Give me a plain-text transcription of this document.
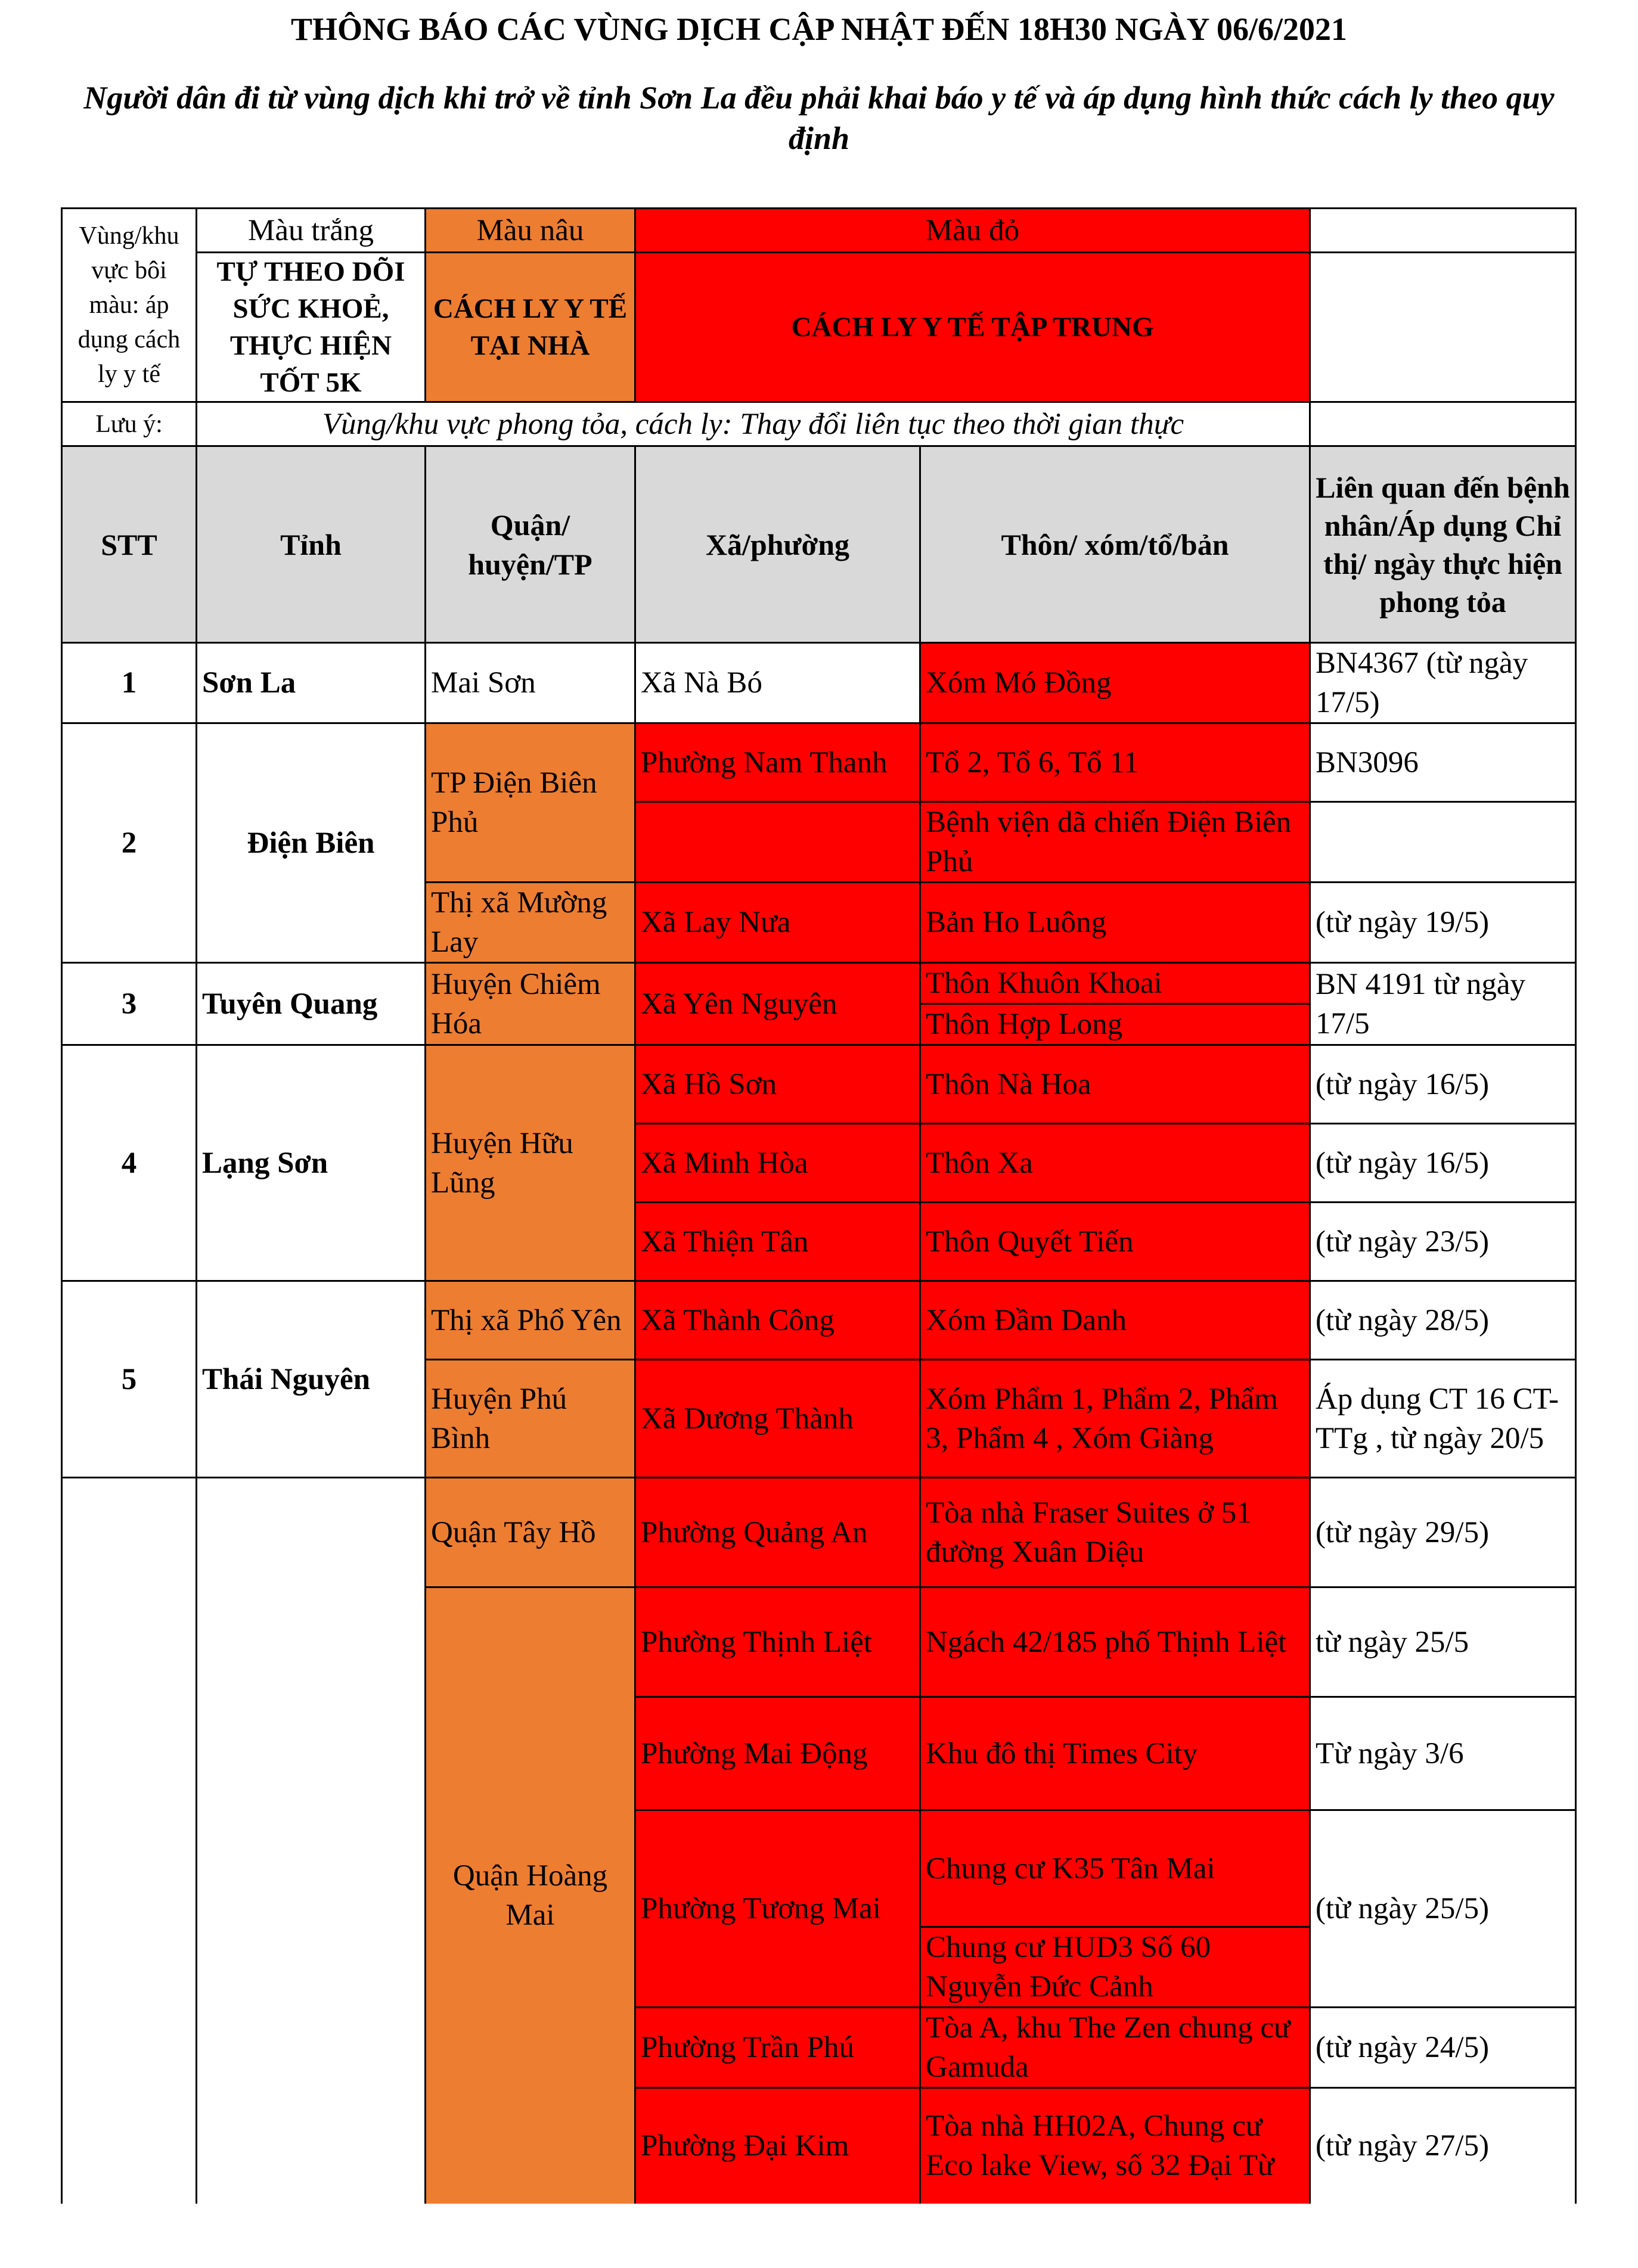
THÔNG BÁO CÁC VÙNG DỊCH CẬP NHẬT ĐẾN 18H30 NGÀY 06/6/2021
Người dân đi từ vùng dịch khi trở về tỉnh Sơn La đều phải khai báo y tế và áp dụng hình thức cách ly theo quy định
Vùng/khu vực bôi màu: áp dụng cách ly y tế	Màu trắng	Màu nâu	Màu đỏ		
	TỰ THEO DÕI SỨC KHOẺ, THỰC HIỆN TỐT 5K	CÁCH LY Y TẾ TẠI NHÀ	CÁCH LY Y TẾ TẬP TRUNG		
Lưu ý:	Vùng/khu vực phong tỏa, cách ly: Thay đổi liên tục theo thời gian thực				
STT	Tỉnh	Quận/ huyện/TP	Xã/phường	Thôn/ xóm/tổ/bản	Liên quan đến bệnh nhân/Áp dụng Chỉ thị/ ngày thực hiện phong tỏa
1	Sơn La	Mai Sơn	Xã Nà Bó	Xóm Mó Đồng	BN4367 (từ ngày 17/5)
2	Điện Biên	TP Điện Biên Phủ	Phường Nam Thanh	Tổ 2, Tổ 6, Tổ 11	BN3096
				Bệnh viện dã chiến Điện Biên Phủ	
		Thị xã Mường Lay	Xã Lay Nưa	Bản Ho Luông	(từ ngày 19/5)
3	Tuyên Quang	Huyện Chiêm Hóa	Xã Yên Nguyên	Thôn Khuôn Khoai	BN 4191 từ ngày 17/5
				Thôn Hợp Long	
4	Lạng Sơn	Huyện Hữu Lũng	Xã Hồ Sơn	Thôn Nà Hoa	(từ ngày 16/5)
			Xã Minh Hòa	Thôn Xa	(từ ngày 16/5)
			Xã Thiện Tân	Thôn Quyết Tiến	(từ ngày 23/5)
5	Thái Nguyên	Thị xã Phổ Yên	Xã Thành Công	Xóm Đầm Danh	(từ ngày 28/5)
		Huyện Phú Bình	Xã Dương Thành	Xóm Phẩm 1, Phẩm 2, Phẩm 3, Phẩm 4 , Xóm Giàng	Áp dụng CT 16 CT-TTg , từ ngày 20/5
		Quận Tây Hồ	Phường Quảng An	Tòa nhà Fraser Suites ở 51 đường Xuân Diệu	(từ ngày 29/5)
		Quận Hoàng Mai	Phường Thịnh Liệt	Ngách 42/185 phố Thịnh Liệt	từ ngày 25/5
			Phường Mai Động	Khu đô thị Times City	Từ ngày 3/6
			Phường Tương Mai	Chung cư K35 Tân Mai	(từ ngày 25/5)
				Chung cư HUD3 Số 60 Nguyễn Đức Cảnh	
			Phường Trần Phú	Tòa A, khu The Zen chung cư Gamuda	(từ ngày 24/5)
			Phường Đại Kim	Tòa nhà HH02A, Chung cư Eco lake View, số 32 Đại Từ	(từ ngày 27/5)
